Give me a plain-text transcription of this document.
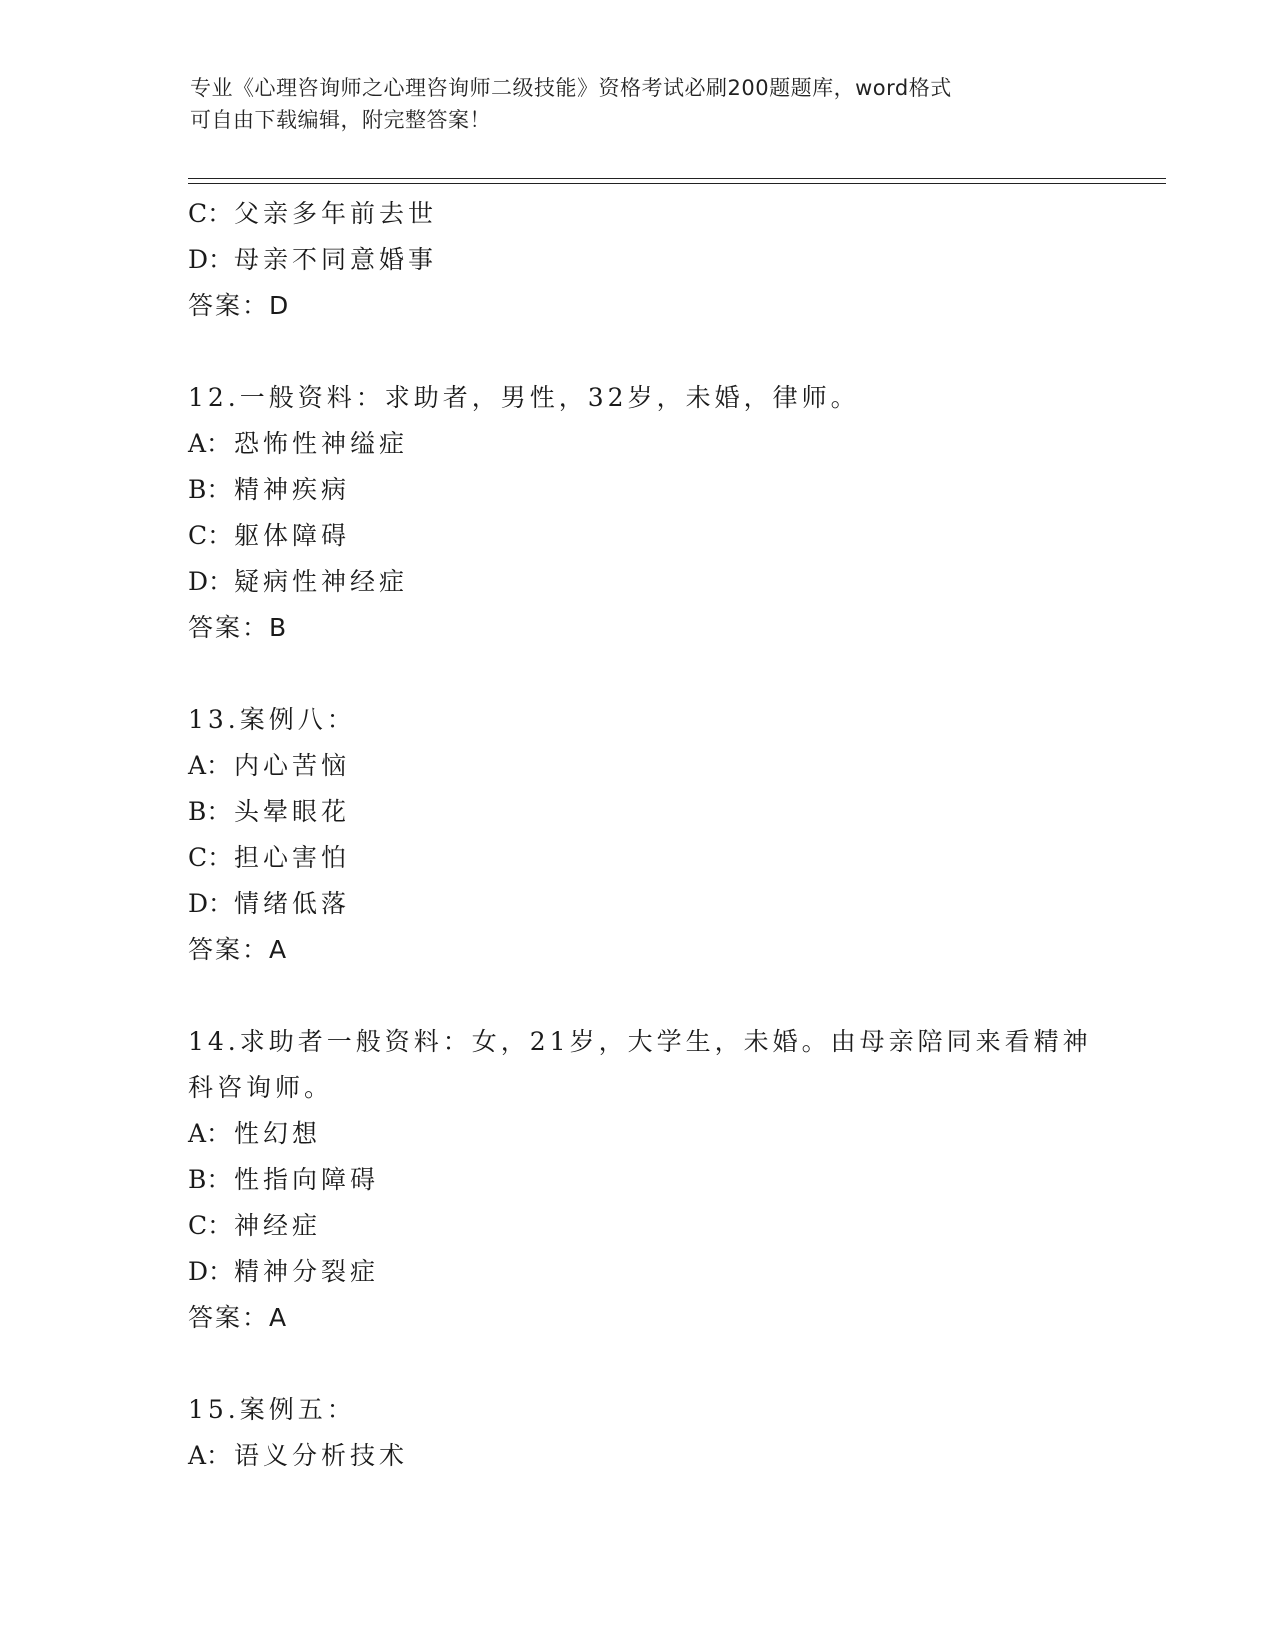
专业《心理咨询师之心理咨询师二级技能》资格考试必刷200题题库，word格式
可自由下载编辑，附完整答案！
C：父亲多年前去世
D：母亲不同意婚事
答案：D
12.一般资料：求助者，男性，32岁，未婚，律师。
A： 恐怖性神缢症
B： 精神疾病
C：躯体障碍
D：疑病性神经症
答案：B
13.案例八：
A： 内心苦恼
B： 头晕眼花
C：担心害怕
D：情绪低落
答案：A
14.求助者一般资料：女，21岁，大学生，未婚。由母亲陪同来看精神
科咨询师。
A： 性幻想
B： 性指向障碍
C：神经症
D：精神分裂症
答案：A
15.案例五：
A： 语义分析技术
